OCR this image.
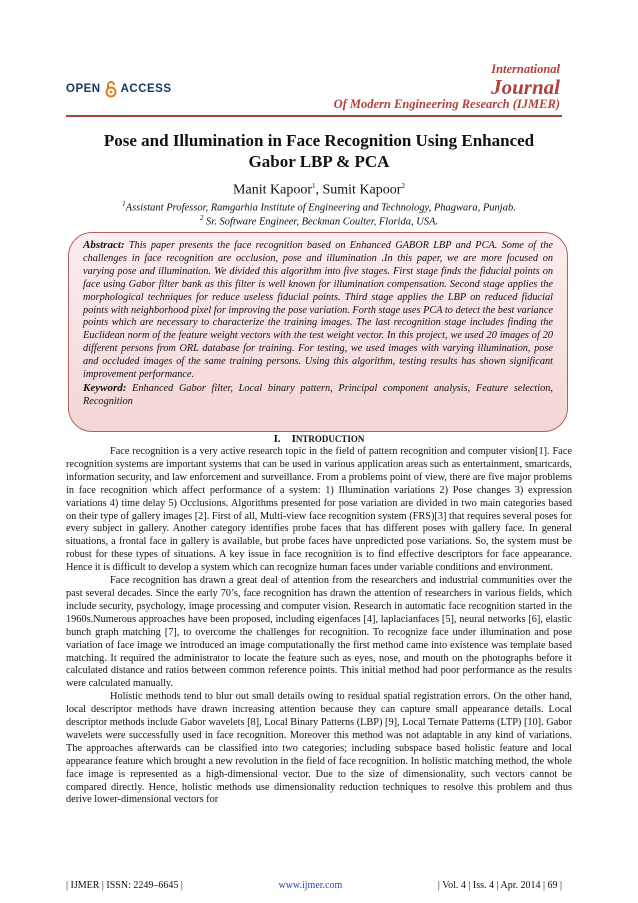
OPEN ACCESS
International
Journal
Of Modern Engineering Research (IJMER)
Pose and Illumination in Face Recognition Using Enhanced
Gabor LBP & PCA
Manit Kapoor$^1$, Sumit Kapoor$^2$
$^1$Assistant Professor, Ramgarhia Institute of Engineering and Technology, Phagwara, Punjab.
$^2$ Sr. Software Engineer, Beckman Coulter, Florida, USA.

Abstract: This paper presents the face recognition based on Enhanced GABOR LBP and PCA. Some of the challenges in face recognition are occlusion, pose and illumination .In this paper, we are more focused on varying pose and illumination. We divided this algorithm into five stages. First stage finds the fiducial points on face using Gabor filter bank as this filter is well known for illumination compensation. Second stage applies the morphological techniques for reduce useless fiducial points. Third stage applies the LBP on reduced fiducial points with neighborhood pixel for improving the pose variation. Forth stage uses PCA to detect the best variance points which are necessary to characterize the training images. The last recognition stage includes finding the Euclidean norm of the feature weight vectors with the test weight vector. In this project, we used 20 images of 20 different persons from ORL database for training. For testing, we used images with varying illumination, pose and occluded images of the same training persons. Using this algorithm, testing results has shown significant improvement performance.

Keyword: Enhanced Gabor filter, Local binary pattern, Principal component analysis, Feature selection, Recognition

I. INTRODUCTION

Face recognition is a very active research topic in the field of pattern recognition and computer vision[1]. Face recognition systems are important systems that can be used in various application areas such as entertainment, smartcards, information security, and law enforcement and surveillance. From a problems point of view, there are five major problems in face recognition which affect performance of a system: 1) Illumination variations 2) Pose changes 3) expression variations 4) time delay 5) Occlusions. Algorithms presented for pose variation are divided in two main categories based on their type of gallery images [2]. First of all, Multi-view face recognition system (FRS)[3] that requires several poses for every subject in gallery. Another category identifies probe faces that has different poses with gallery face. In general situations, a frontal face in gallery is available, but probe faces have unpredicted pose variations. So, the system must be robust for these types of situations. A key issue in face recognition is to find effective descriptors for face appearance. Hence it is difficult to develop a system which can recognize human faces under variable conditions and environment.

Face recognition has drawn a great deal of attention from the researchers and industrial communities over the past several decades. Since the early 70’s, face recognition has drawn the attention of researchers in various fields, which include security, psychology, image processing and computer vision. Research in automatic face recognition started in the 1960s.Numerous approaches have been proposed, including eigenfaces [4], laplacianfaces [5], neural networks [6], elastic bunch graph matching [7], to overcome the challenges for recognition. To recognize face under illumination and pose variation of face image we introduced an image computationally the first method came into existence was template based matching. It required the administrator to locate the feature such as eyes, nose, and mouth on the photographs before it calculated distance and ratios between common reference points. This initial method had poor performance as the results were calculated manually.

Holistic methods tend to blur out small details owing to residual spatial registration errors. On the other hand, local descriptor methods have drawn increasing attention because they can capture small appearance details. Local descriptor methods include Gabor wavelets [8], Local Binary Patterns (LBP) [9], Local Ternate Patterns (LTP) [10]. Gabor wavelets were successfully used in face recognition. Moreover this method was not adaptable in any kind of variations. The approaches afterwards can be classified into two categories; including subspace based holistic feature and local appearance feature which brought a new revolution in the field of face recognition. In holistic matching method, the whole face image is represented as a high-dimensional vector. Due to the size of dimensionality, such vectors cannot be compared directly. Hence, holistic methods use dimensionality reduction techniques to resolve this problem and thus derive lower-dimensional vectors for

| IJMER | ISSN: 2249–6645 |	www.ijmer.com	| Vol. 4 | Iss. 4 | Apr. 2014 | 69 |
